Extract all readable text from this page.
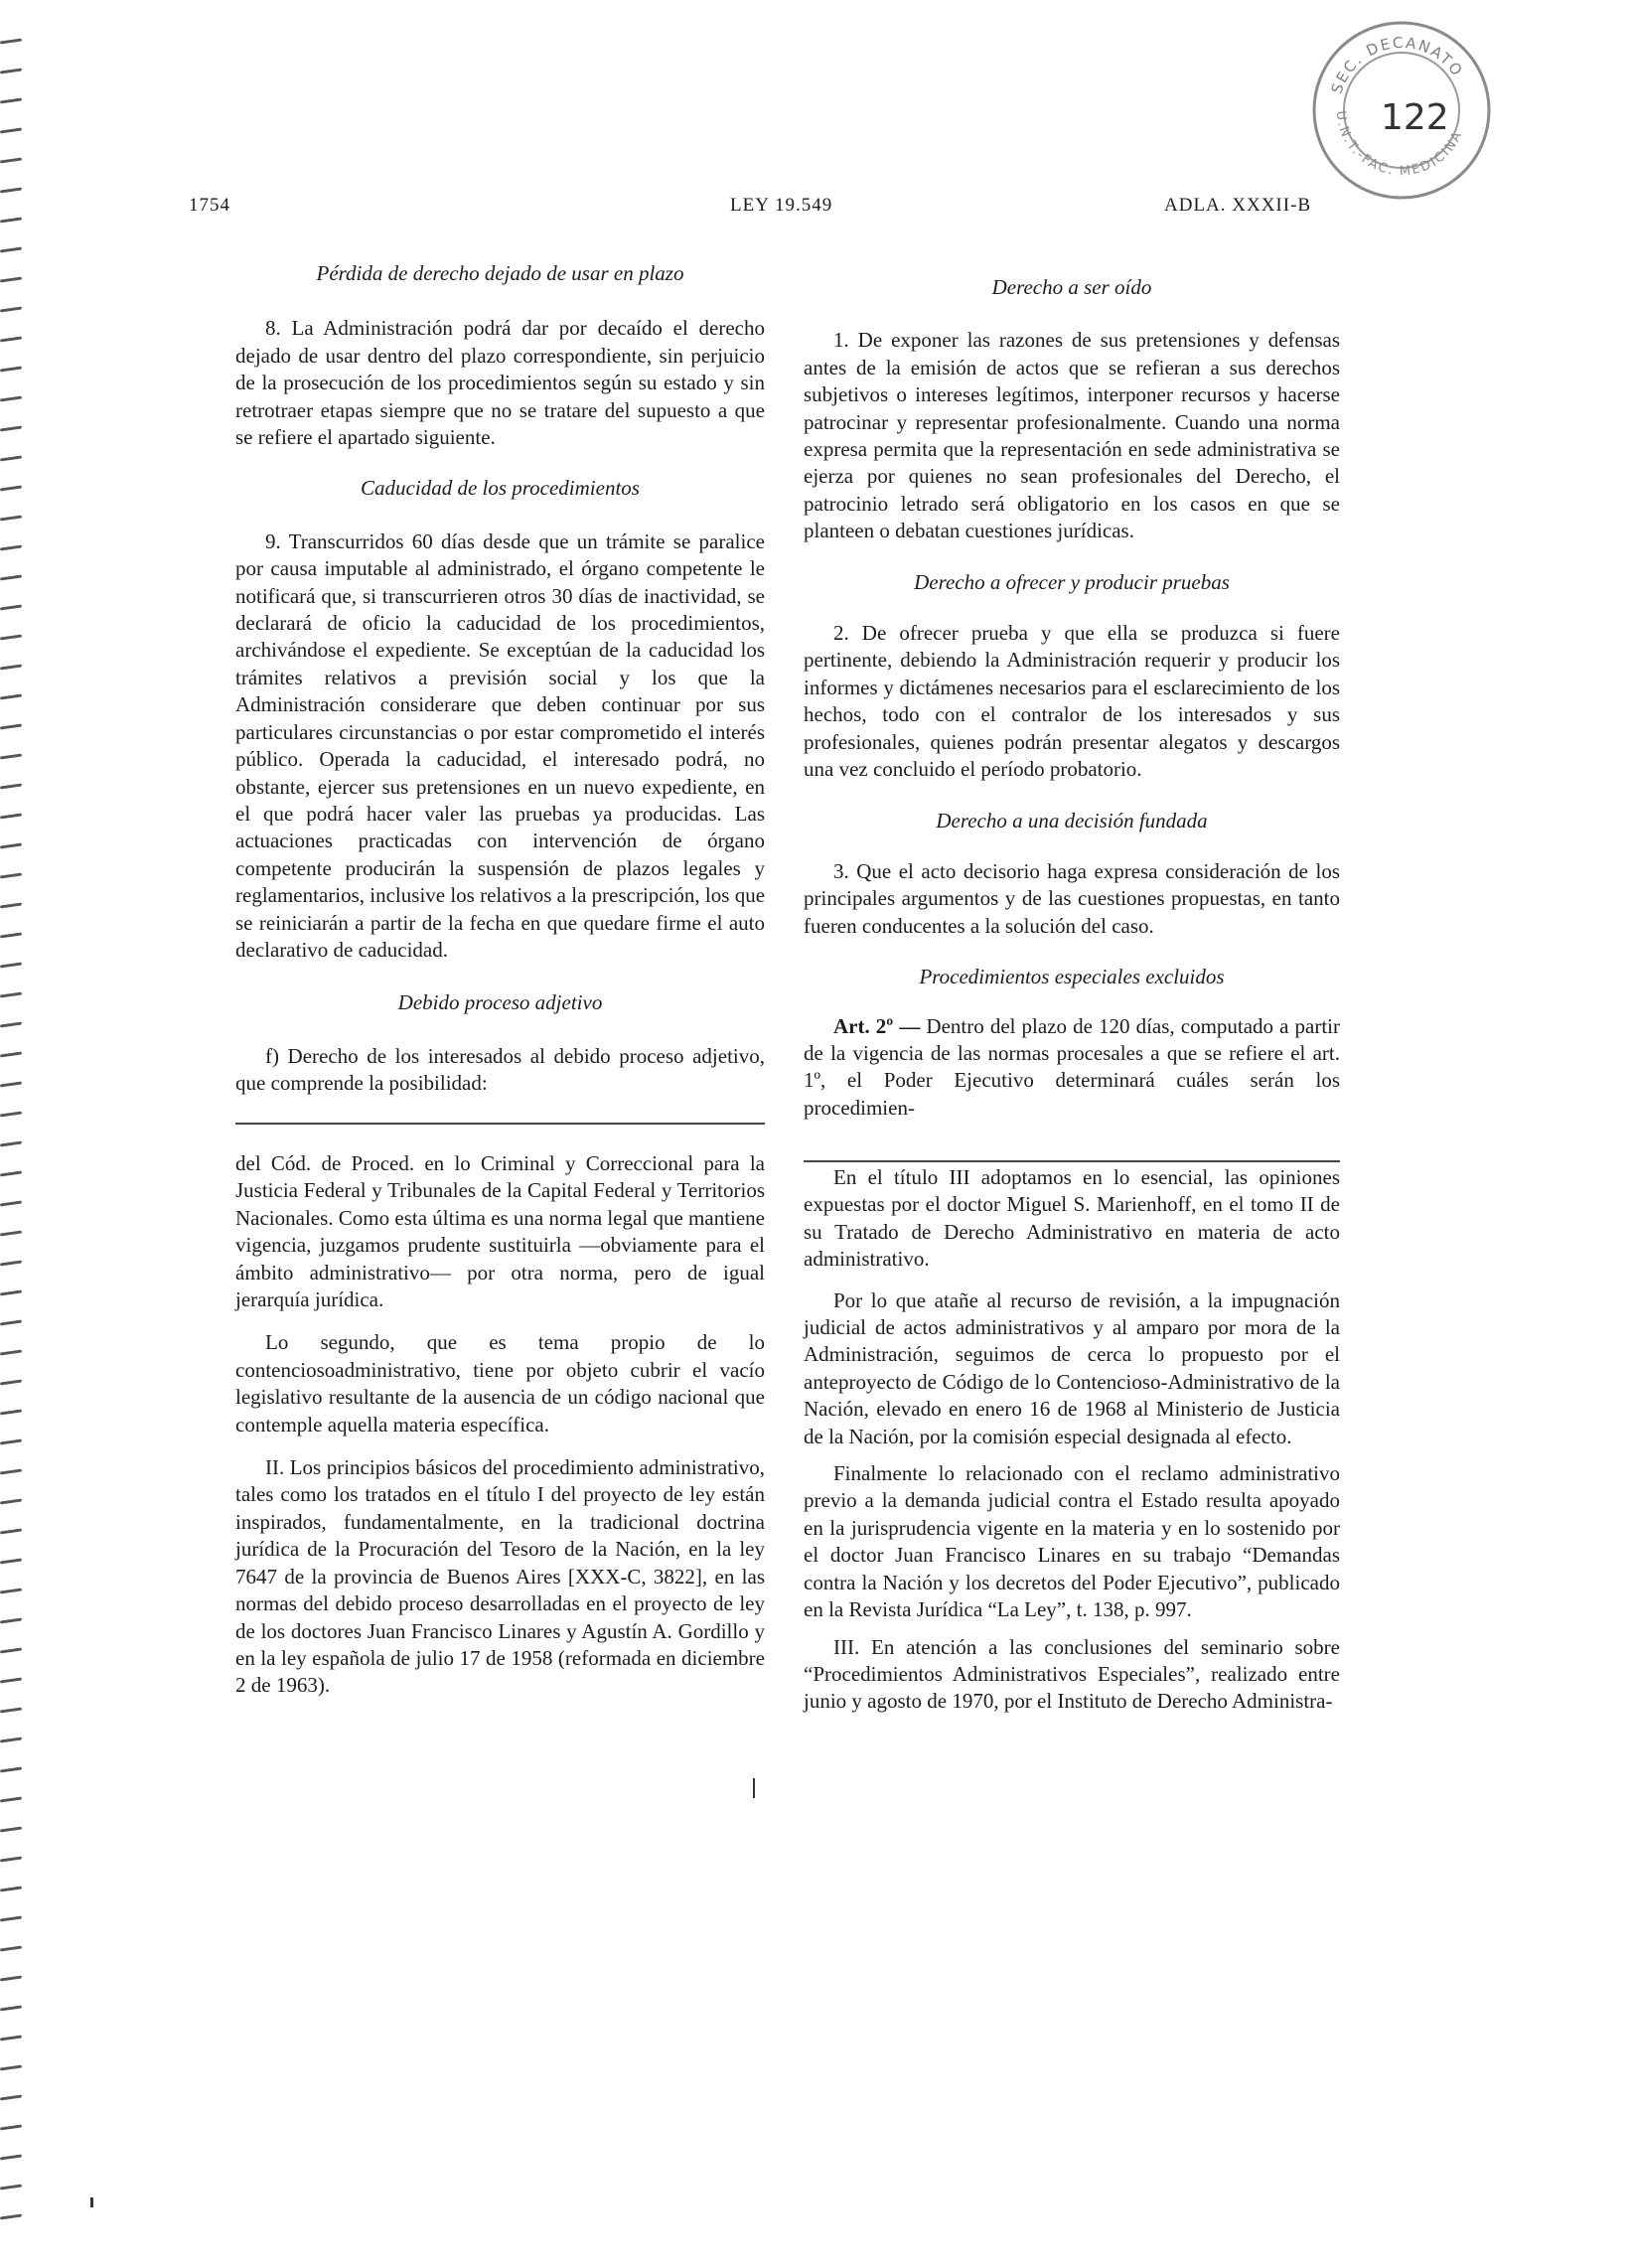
SEC. DECANATO
U.N.T.-FAC. MEDICINA
122
1754	LEY 19.549	ADLA. XXXII-B

Pérdida de derecho dejado de usar en plazo

8. La Administración podrá dar por decaído el derecho dejado de usar dentro del plazo correspondiente, sin perjuicio de la prosecución de los procedimientos según su estado y sin retrotraer etapas siempre que no se tratare del supuesto a que se refiere el apartado siguiente.

Caducidad de los procedimientos

9. Transcurridos 60 días desde que un trámite se paralice por causa imputable al administrado, el órgano competente le notificará que, si transcurrieren otros 30 días de inactividad, se declarará de oficio la caducidad de los procedimientos, archivándose el expediente. Se exceptúan de la caducidad los trámites relativos a previsión social y los que la Administración considerare que deben continuar por sus particulares circunstancias o por estar comprometido el interés público. Operada la caducidad, el interesado podrá, no obstante, ejercer sus pretensiones en un nuevo expediente, en el que podrá hacer valer las pruebas ya producidas. Las actuaciones practicadas con intervención de órgano competente producirán la suspensión de plazos legales y reglamentarios, inclusive los relativos a la prescripción, los que se reiniciarán a partir de la fecha en que quedare firme el auto declarativo de caducidad.

Debido proceso adjetivo

f) Derecho de los interesados al debido proceso adjetivo, que comprende la posibilidad:

Derecho a ser oído

1. De exponer las razones de sus pretensiones y defensas antes de la emisión de actos que se refieran a sus derechos subjetivos o intereses legítimos, interponer recursos y hacerse patrocinar y representar profesionalmente. Cuando una norma expresa permita que la representación en sede administrativa se ejerza por quienes no sean profesionales del Derecho, el patrocinio letrado será obligatorio en los casos en que se planteen o debatan cuestiones jurídicas.

Derecho a ofrecer y producir pruebas

2. De ofrecer prueba y que ella se produzca si fuere pertinente, debiendo la Administración requerir y producir los informes y dictámenes necesarios para el esclarecimiento de los hechos, todo con el contralor de los interesados y sus profesionales, quienes podrán presentar alegatos y descargos una vez concluido el período probatorio.

Derecho a una decisión fundada

3. Que el acto decisorio haga expresa consideración de los principales argumentos y de las cuestiones propuestas, en tanto fueren conducentes a la solución del caso.

Procedimientos especiales excluidos

Art. 2º — Dentro del plazo de 120 días, computado a partir de la vigencia de las normas procesales a que se refiere el art. 1º, el Poder Ejecutivo determinará cuáles serán los procedimien-

del Cód. de Proced. en lo Criminal y Correccional para la Justicia Federal y Tribunales de la Capital Federal y Territorios Nacionales. Como esta última es una norma legal que mantiene vigencia, juzgamos prudente sustituirla —obviamente para el ámbito administrativo— por otra norma, pero de igual jerarquía jurídica.

Lo segundo, que es tema propio de lo contenciosoadministrativo, tiene por objeto cubrir el vacío legislativo resultante de la ausencia de un código nacional que contemple aquella materia específica.

II. Los principios básicos del procedimiento administrativo, tales como los tratados en el título I del proyecto de ley están inspirados, fundamentalmente, en la tradicional doctrina jurídica de la Procuración del Tesoro de la Nación, en la ley 7647 de la provincia de Buenos Aires [XXX-C, 3822], en las normas del debido proceso desarrolladas en el proyecto de ley de los doctores Juan Francisco Linares y Agustín A. Gordillo y en la ley española de julio 17 de 1958 (reformada en diciembre 2 de 1963).

En el título III adoptamos en lo esencial, las opiniones expuestas por el doctor Miguel S. Marienhoff, en el tomo II de su Tratado de Derecho Administrativo en materia de acto administrativo.

Por lo que atañe al recurso de revisión, a la impugnación judicial de actos administrativos y al amparo por mora de la Administración, seguimos de cerca lo propuesto por el anteproyecto de Código de lo Contencioso-Administrativo de la Nación, elevado en enero 16 de 1968 al Ministerio de Justicia de la Nación, por la comisión especial designada al efecto.

Finalmente lo relacionado con el reclamo administrativo previo a la demanda judicial contra el Estado resulta apoyado en la jurisprudencia vigente en la materia y en lo sostenido por el doctor Juan Francisco Linares en su trabajo “Demandas contra la Nación y los decretos del Poder Ejecutivo”, publicado en la Revista Jurídica “La Ley”, t. 138, p. 997.

III. En atención a las conclusiones del seminario sobre “Procedimientos Administrativos Especiales”, realizado entre junio y agosto de 1970, por el Instituto de Derecho Administra-
